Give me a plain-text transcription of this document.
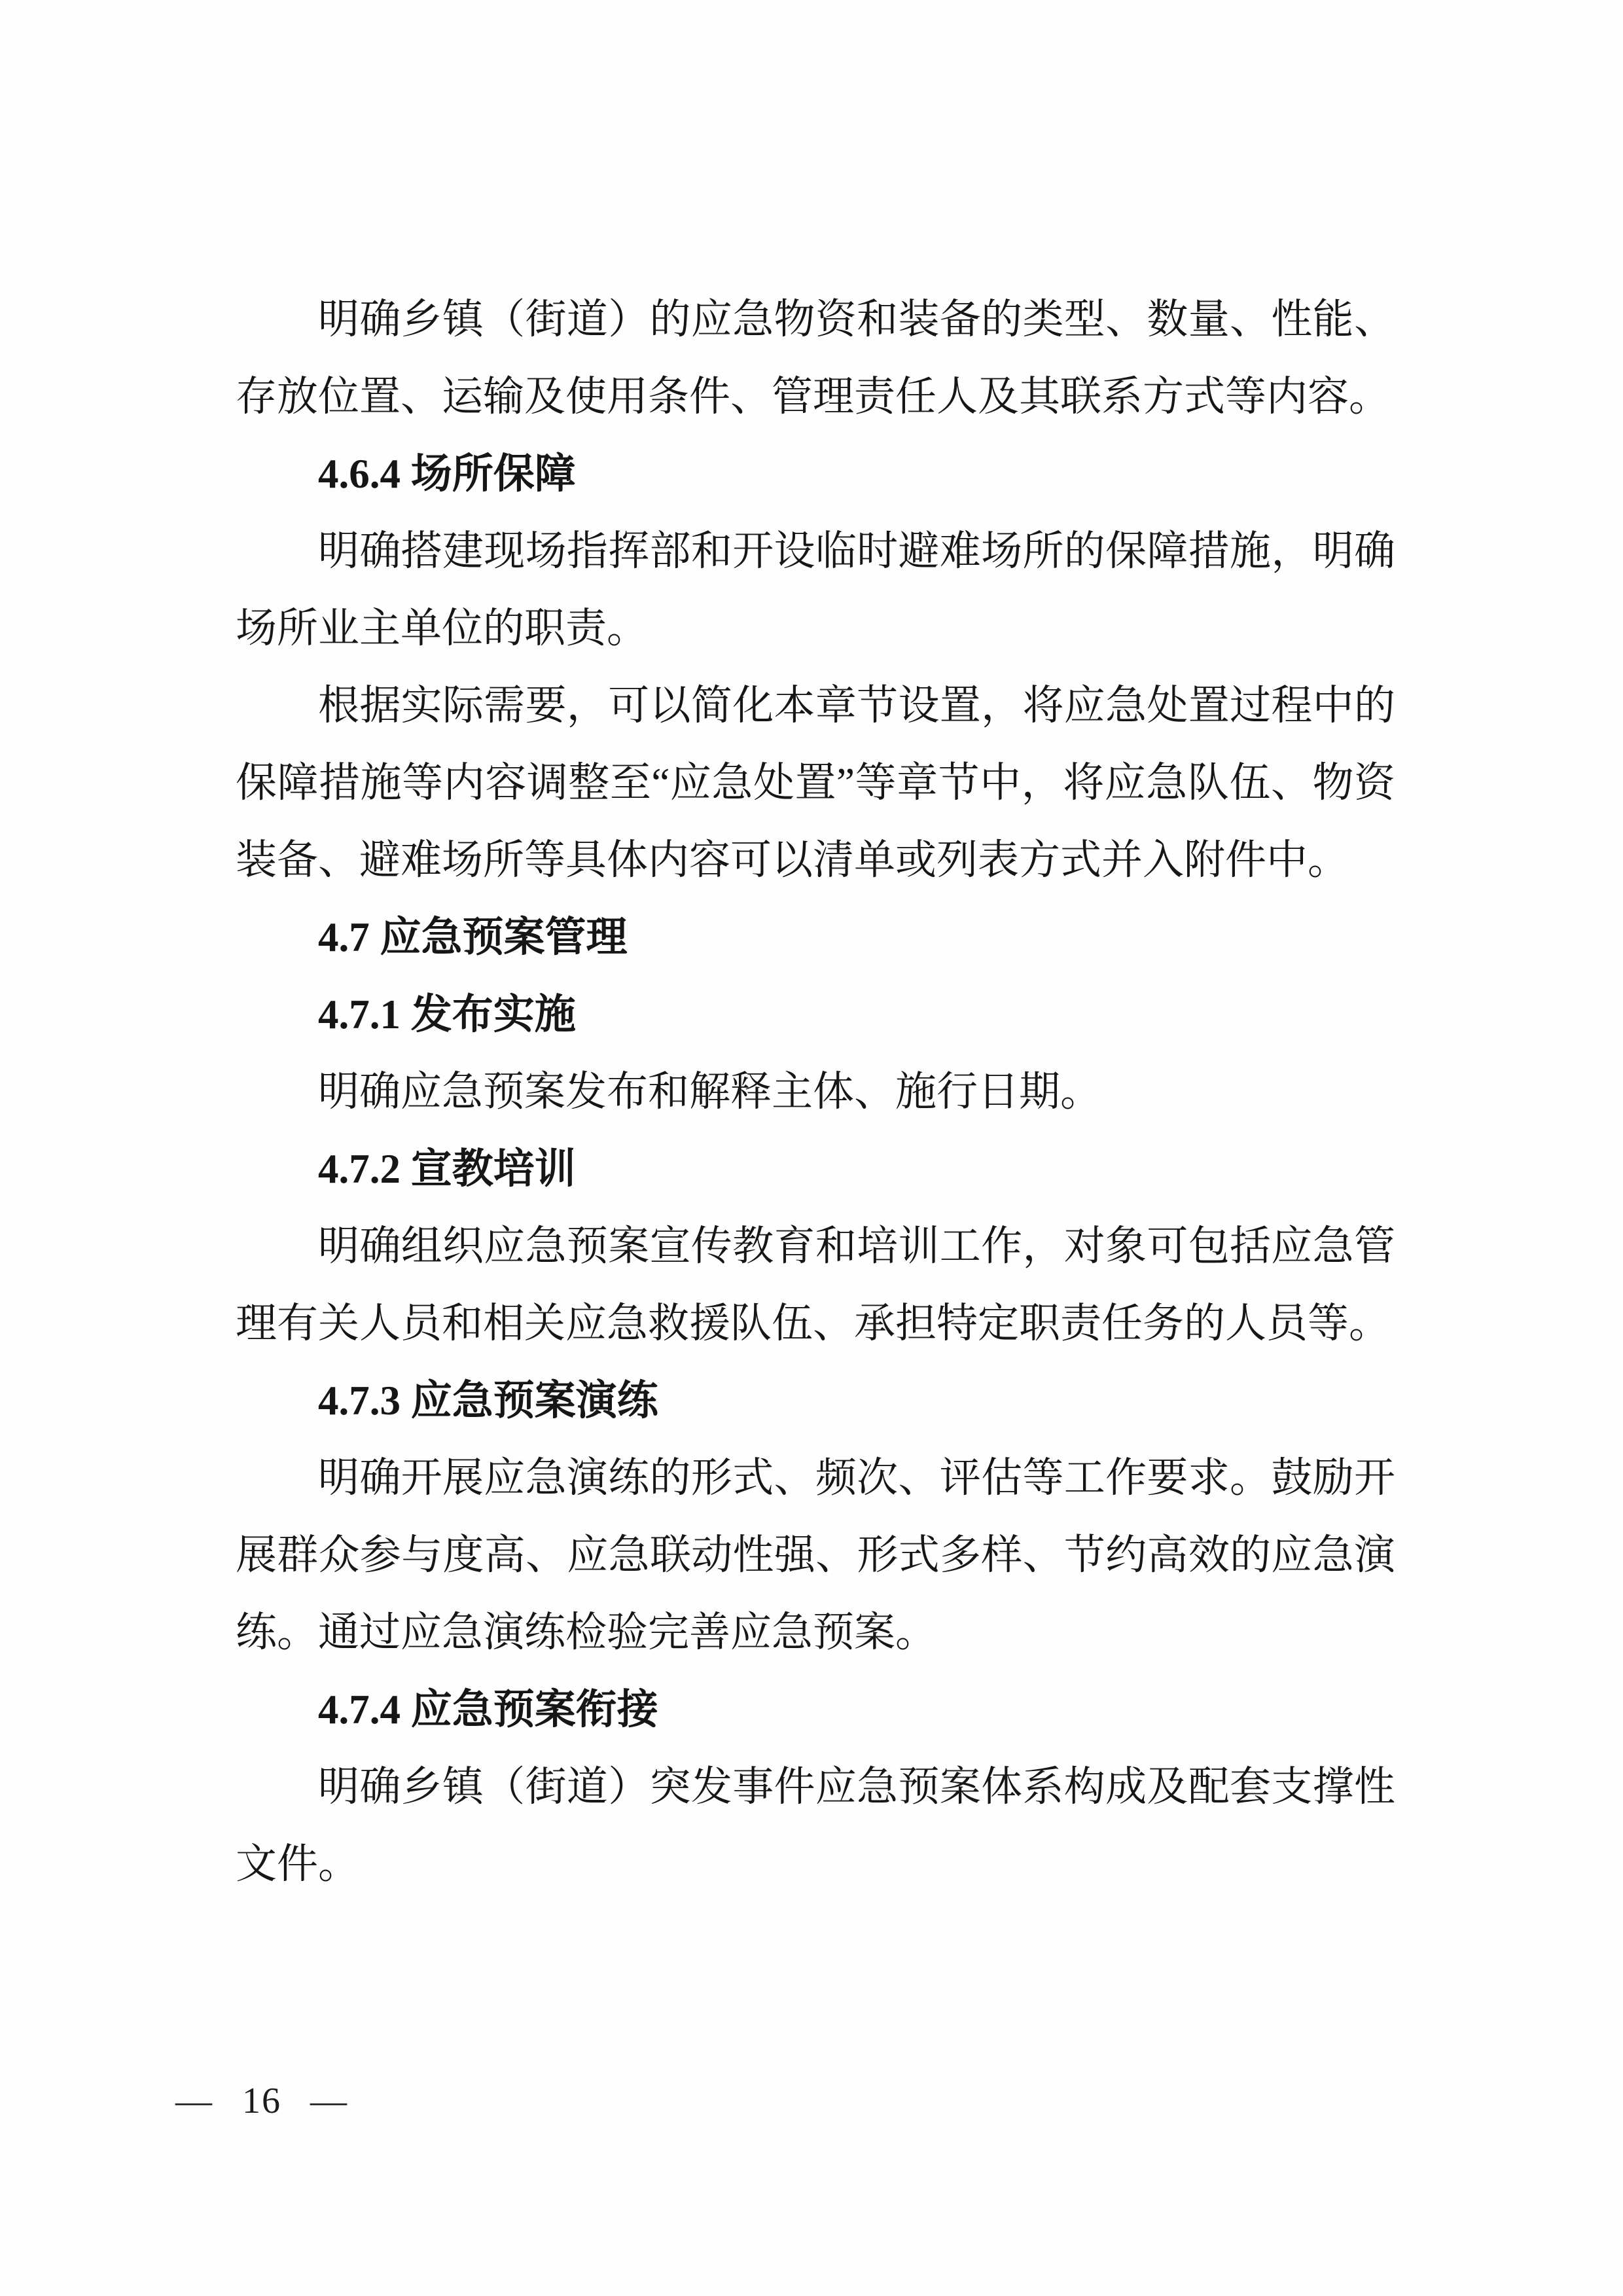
明确乡镇（街道）的应急物资和装备的类型、数量、性能、存放位置、运输及使用条件、管理责任人及其联系方式等内容。

4.6.4 场所保障

明确搭建现场指挥部和开设临时避难场所的保障措施，明确场所业主单位的职责。

根据实际需要，可以简化本章节设置，将应急处置过程中的保障措施等内容调整至“应急处置”等章节中，将应急队伍、物资装备、避难场所等具体内容可以清单或列表方式并入附件中。

4.7 应急预案管理
4.7.1 发布实施

明确应急预案发布和解释主体、施行日期。

4.7.2 宣教培训

明确组织应急预案宣传教育和培训工作，对象可包括应急管理有关人员和相关应急救援队伍、承担特定职责任务的人员等。

4.7.3 应急预案演练

明确开展应急演练的形式、频次、评估等工作要求。鼓励开展群众参与度高、应急联动性强、形式多样、节约高效的应急演练。通过应急演练检验完善应急预案。

4.7.4 应急预案衔接

明确乡镇（街道）突发事件应急预案体系构成及配套支撑性文件。

— 16 —
